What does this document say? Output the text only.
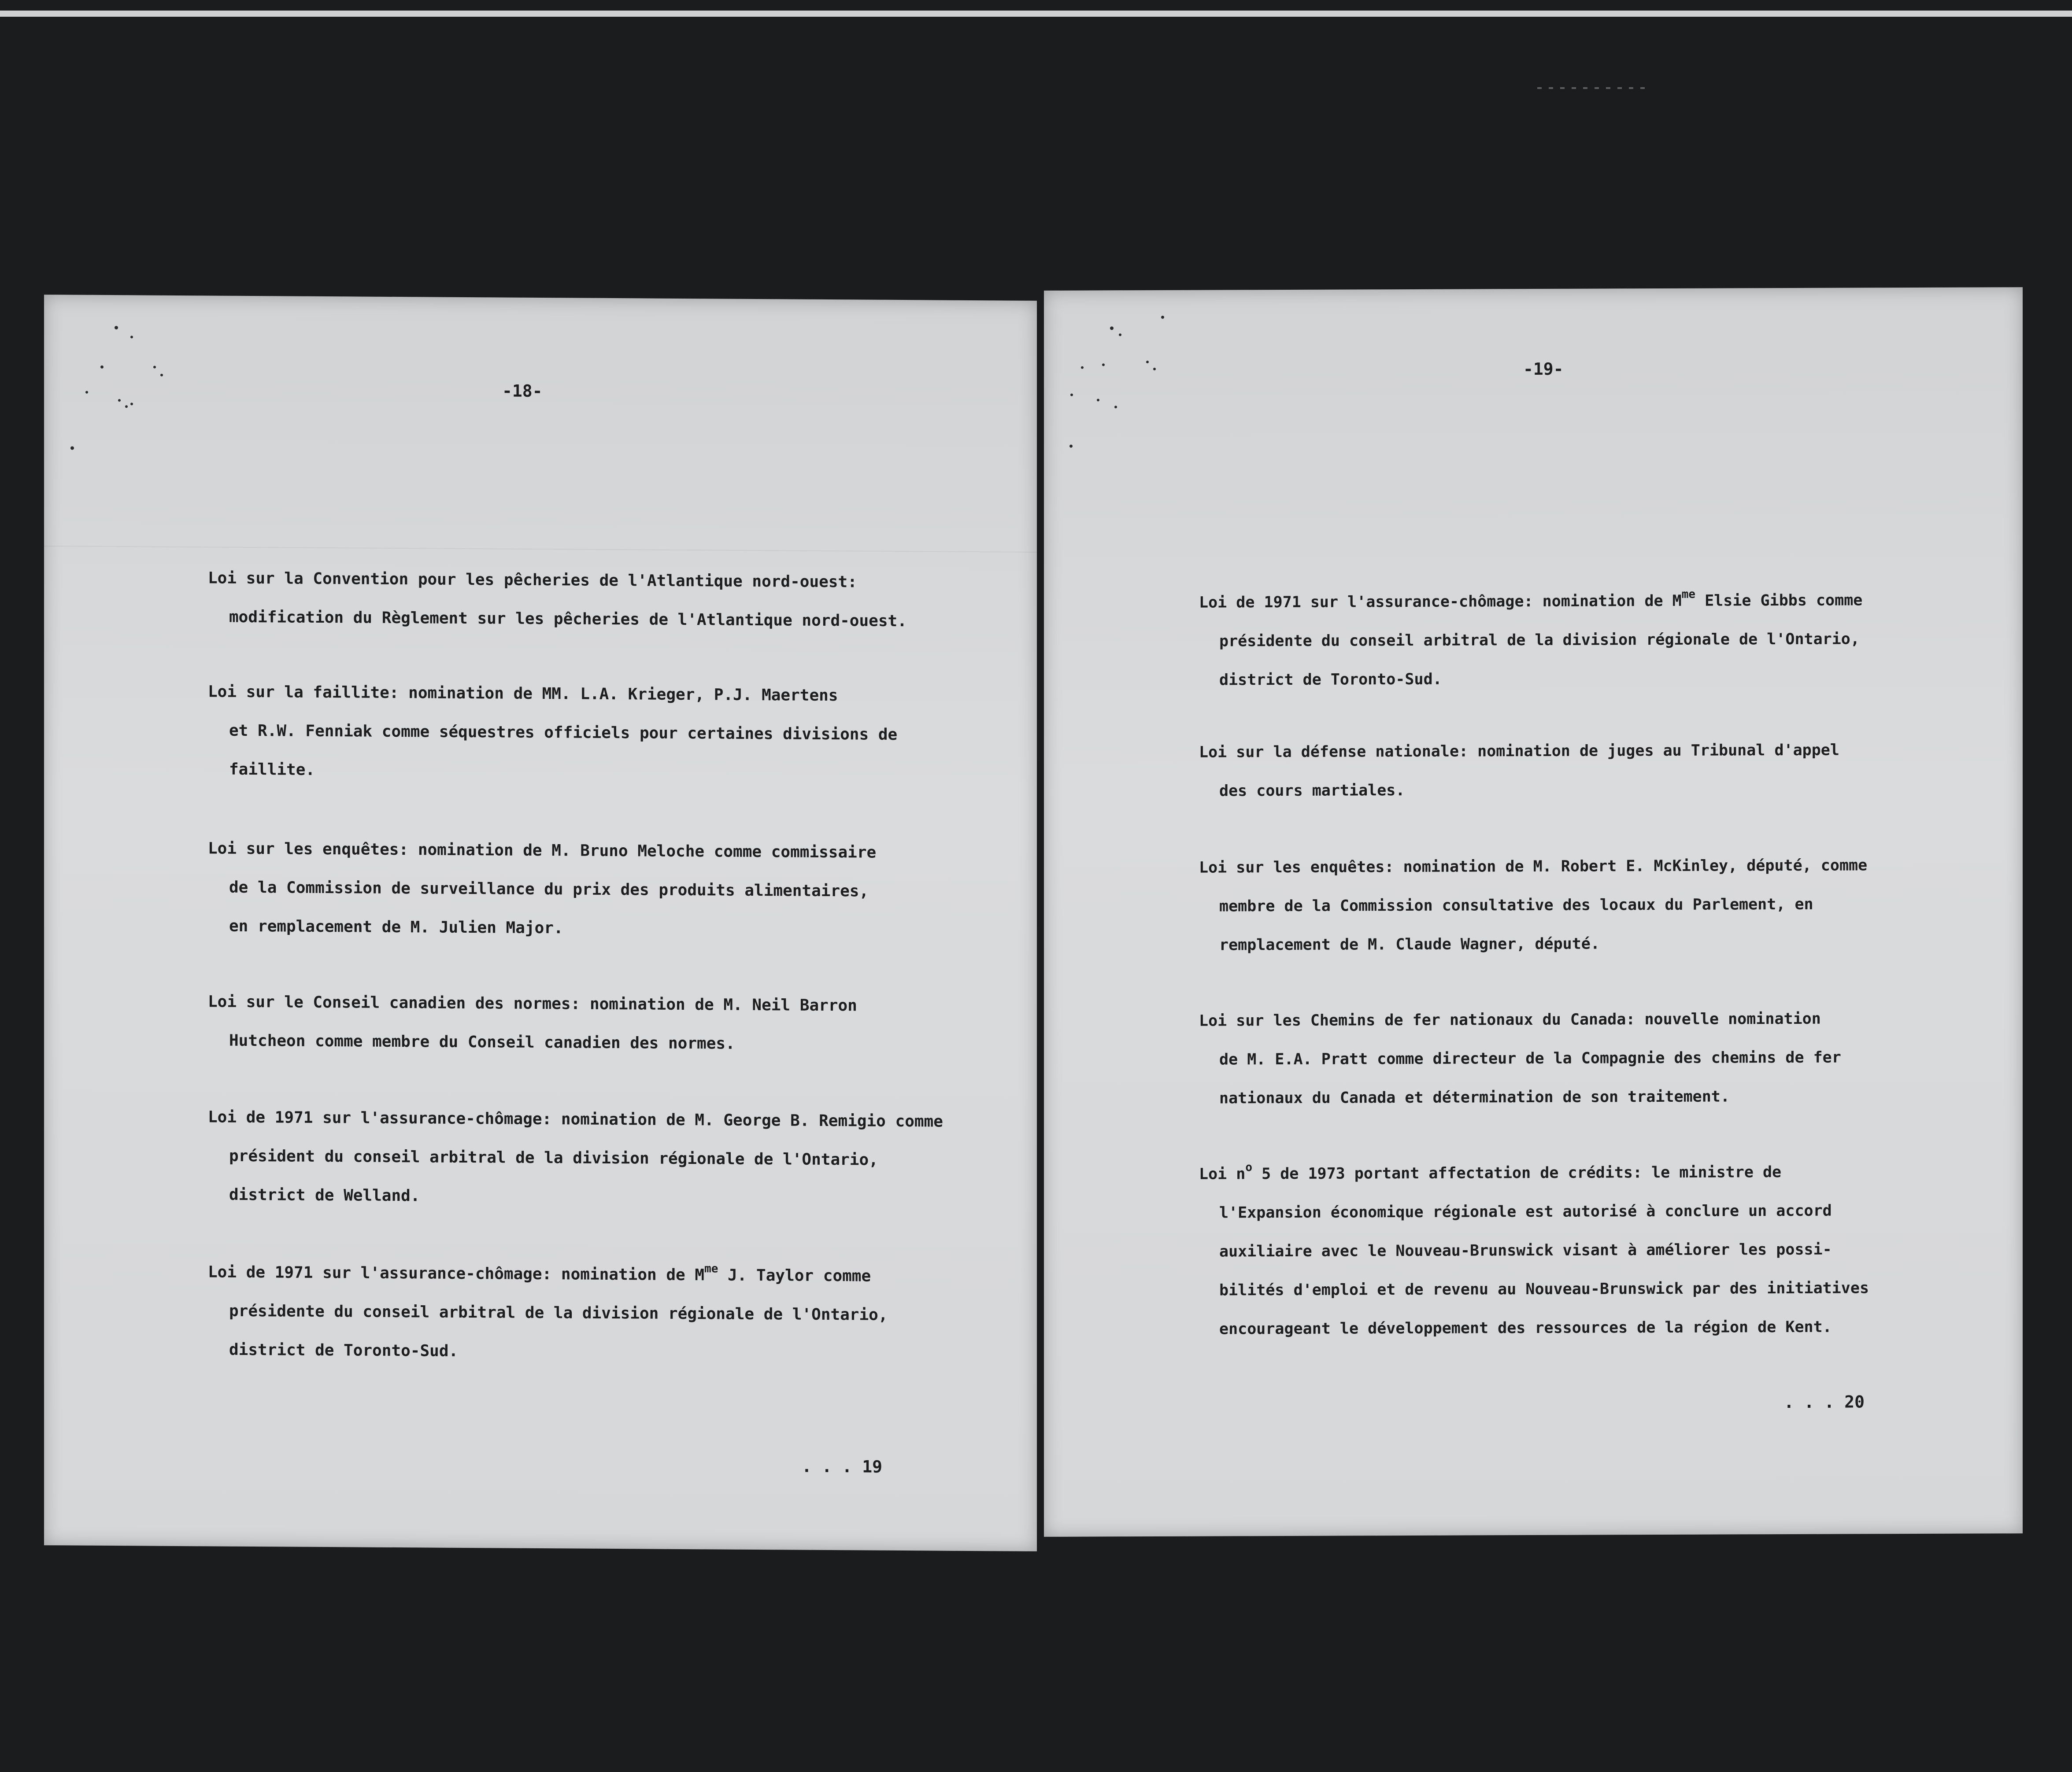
-18-
Loi sur la Convention pour les pêcheries de l'Atlantique nord-ouest:
modification du Règlement sur les pêcheries de l'Atlantique nord-ouest.
Loi sur la faillite: nomination de MM. L.A. Krieger, P.J. Maertens
et R.W. Fenniak comme séquestres officiels pour certaines divisions de
faillite.
Loi sur les enquêtes: nomination de M. Bruno Meloche comme commissaire
de la Commission de surveillance du prix des produits alimentaires,
en remplacement de M. Julien Major.
Loi sur le Conseil canadien des normes: nomination de M. Neil Barron
Hutcheon comme membre du Conseil canadien des normes.
Loi de 1971 sur l'assurance-chômage: nomination de M. George B. Remigio comme
président du conseil arbitral de la division régionale de l'Ontario,
district de Welland.
Loi de 1971 sur l'assurance-chômage: nomination de $M^{me}$ J. Taylor comme
présidente du conseil arbitral de la division régionale de l'Ontario,
district de Toronto-Sud.
. . . 19
-19-
Loi de 1971 sur l'assurance-chômage: nomination de $M^{me}$ Elsie Gibbs comme
présidente du conseil arbitral de la division régionale de l'Ontario,
district de Toronto-Sud.
Loi sur la défense nationale: nomination de juges au Tribunal d'appel
des cours martiales.
Loi sur les enquêtes: nomination de M. Robert E. McKinley, député, comme
membre de la Commission consultative des locaux du Parlement, en
remplacement de M. Claude Wagner, député.
Loi sur les Chemins de fer nationaux du Canada: nouvelle nomination
de M. E.A. Pratt comme directeur de la Compagnie des chemins de fer
nationaux du Canada et détermination de son traitement.
Loi $n^o$ 5 de 1973 portant affectation de crédits: le ministre de
l'Expansion économique régionale est autorisé à conclure un accord
auxiliaire avec le Nouveau-Brunswick visant à améliorer les possi-
bilités d'emploi et de revenu au Nouveau-Brunswick par des initiatives
encourageant le développement des ressources de la région de Kent.
. . . 20
